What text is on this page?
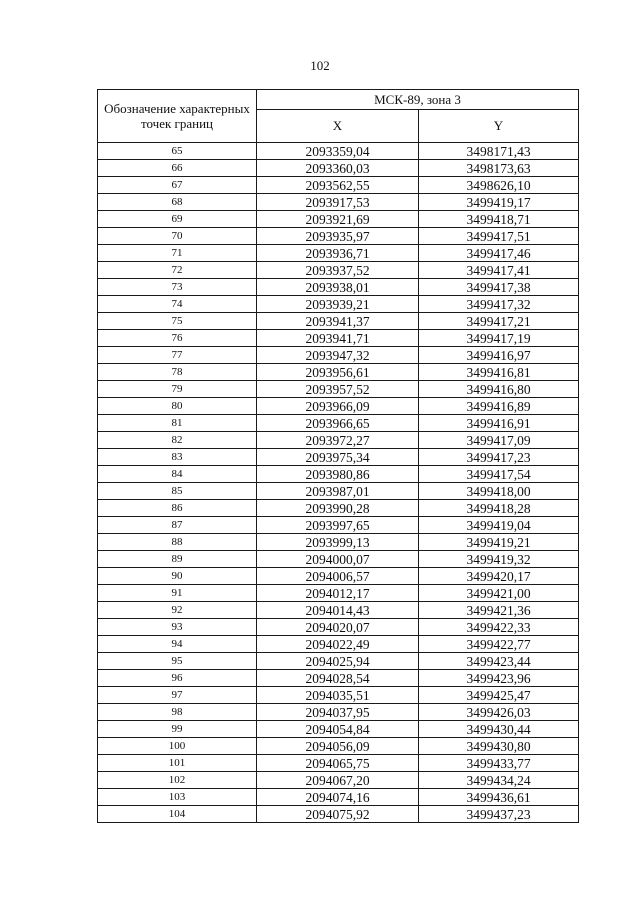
102
Обозначение характерных точек границ	МСК-89, зона 3	
	X	Y
65	2093359,04	3498171,43
66	2093360,03	3498173,63
67	2093562,55	3498626,10
68	2093917,53	3499419,17
69	2093921,69	3499418,71
70	2093935,97	3499417,51
71	2093936,71	3499417,46
72	2093937,52	3499417,41
73	2093938,01	3499417,38
74	2093939,21	3499417,32
75	2093941,37	3499417,21
76	2093941,71	3499417,19
77	2093947,32	3499416,97
78	2093956,61	3499416,81
79	2093957,52	3499416,80
80	2093966,09	3499416,89
81	2093966,65	3499416,91
82	2093972,27	3499417,09
83	2093975,34	3499417,23
84	2093980,86	3499417,54
85	2093987,01	3499418,00
86	2093990,28	3499418,28
87	2093997,65	3499419,04
88	2093999,13	3499419,21
89	2094000,07	3499419,32
90	2094006,57	3499420,17
91	2094012,17	3499421,00
92	2094014,43	3499421,36
93	2094020,07	3499422,33
94	2094022,49	3499422,77
95	2094025,94	3499423,44
96	2094028,54	3499423,96
97	2094035,51	3499425,47
98	2094037,95	3499426,03
99	2094054,84	3499430,44
100	2094056,09	3499430,80
101	2094065,75	3499433,77
102	2094067,20	3499434,24
103	2094074,16	3499436,61
104	2094075,92	3499437,23
